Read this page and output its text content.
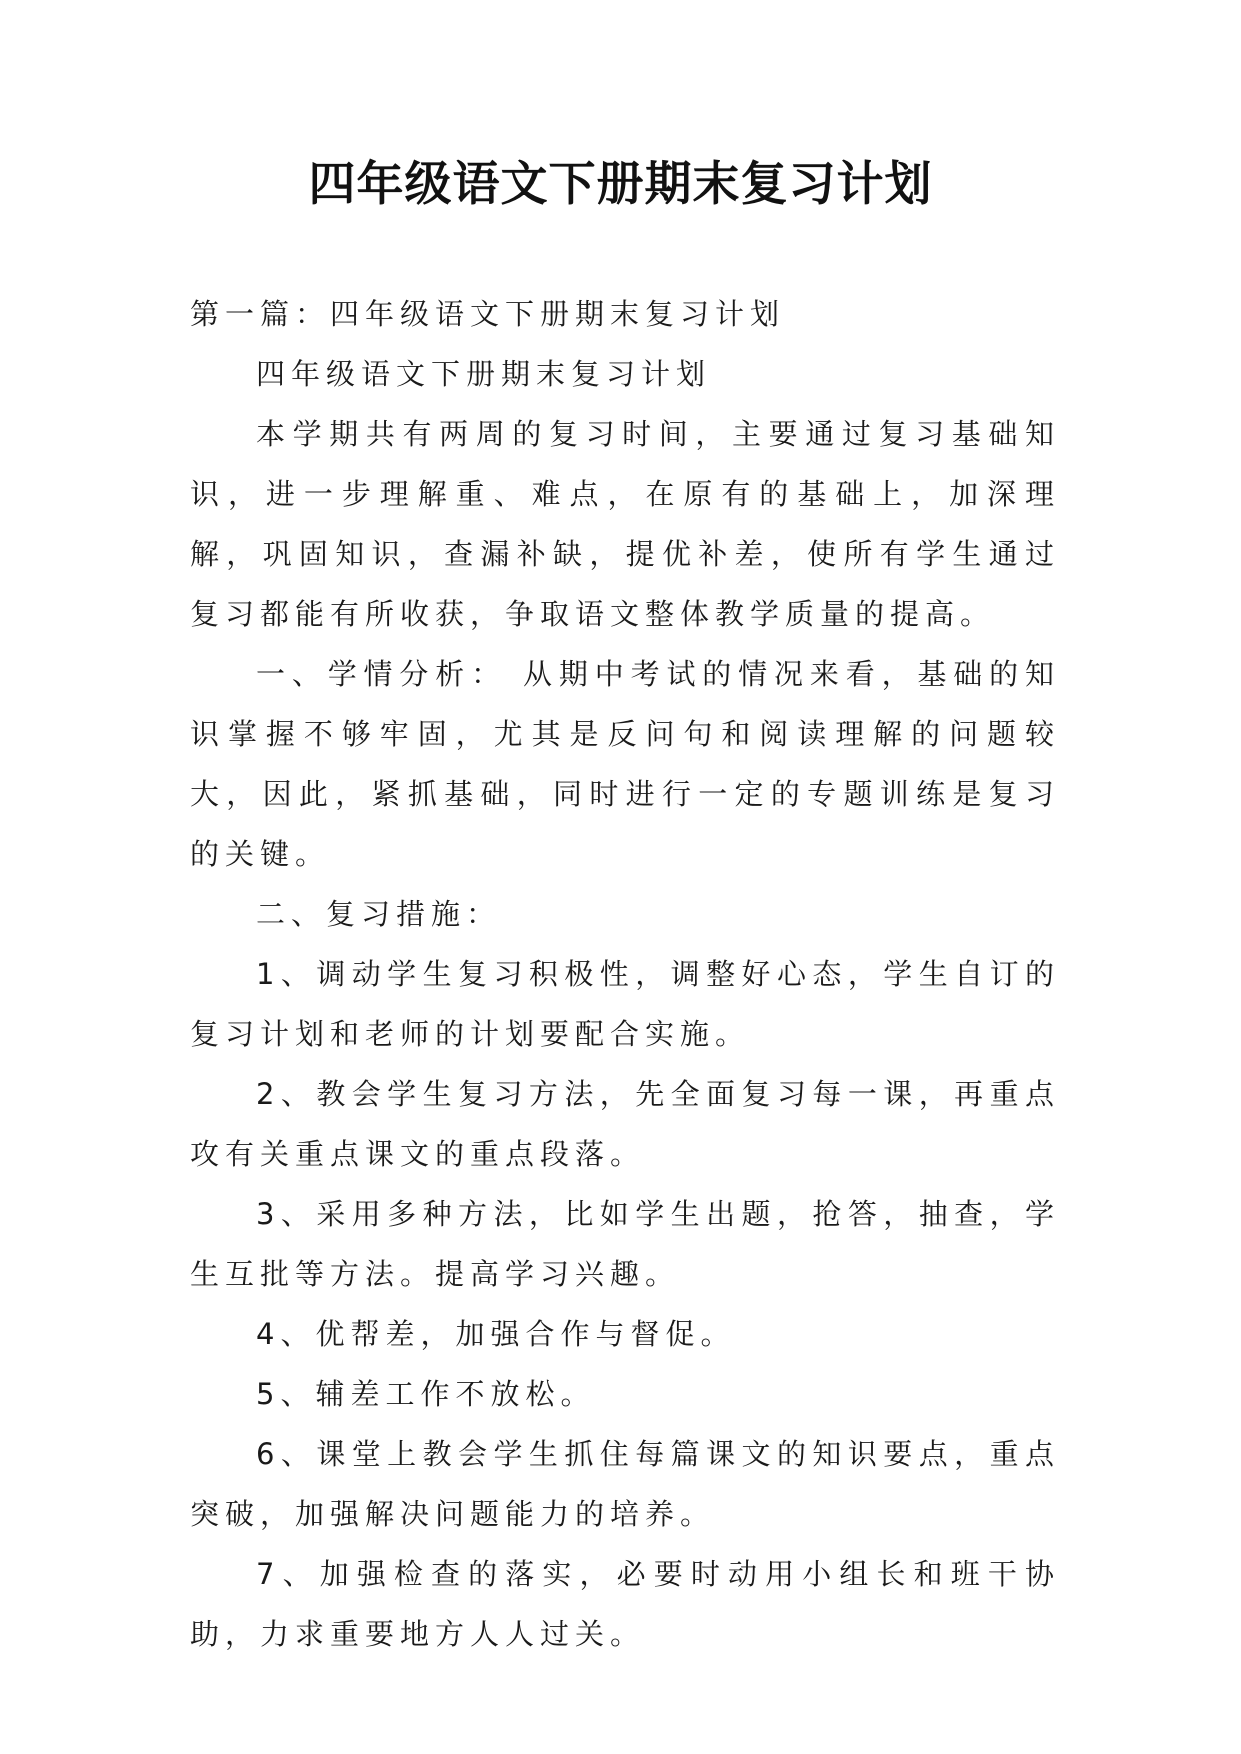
四年级语文下册期末复习计划

第一篇：四年级语文下册期末复习计划

四年级语文下册期末复习计划

本学期共有两周的复习时间，主要通过复习基础知识，进一步理解重、难点，在原有的基础上，加深理解，巩固知识，查漏补缺，提优补差，使所有学生通过复习都能有所收获，争取语文整体教学质量的提高。

一、学情分析： 从期中考试的情况来看，基础的知识掌握不够牢固，尤其是反问句和阅读理解的问题较大，因此，紧抓基础，同时进行一定的专题训练是复习的关键。

二、复习措施：

1、调动学生复习积极性，调整好心态，学生自订的复习计划和老师的计划要配合实施。

2、教会学生复习方法，先全面复习每一课，再重点攻有关重点课文的重点段落。

3、采用多种方法，比如学生出题，抢答，抽查，学生互批等方法。提高学习兴趣。

4、优帮差，加强合作与督促。

5、辅差工作不放松。

6、课堂上教会学生抓住每篇课文的知识要点，重点突破，加强解决问题能力的培养。

7、加强检查的落实，必要时动用小组长和班干协助，力求重要地方人人过关。
